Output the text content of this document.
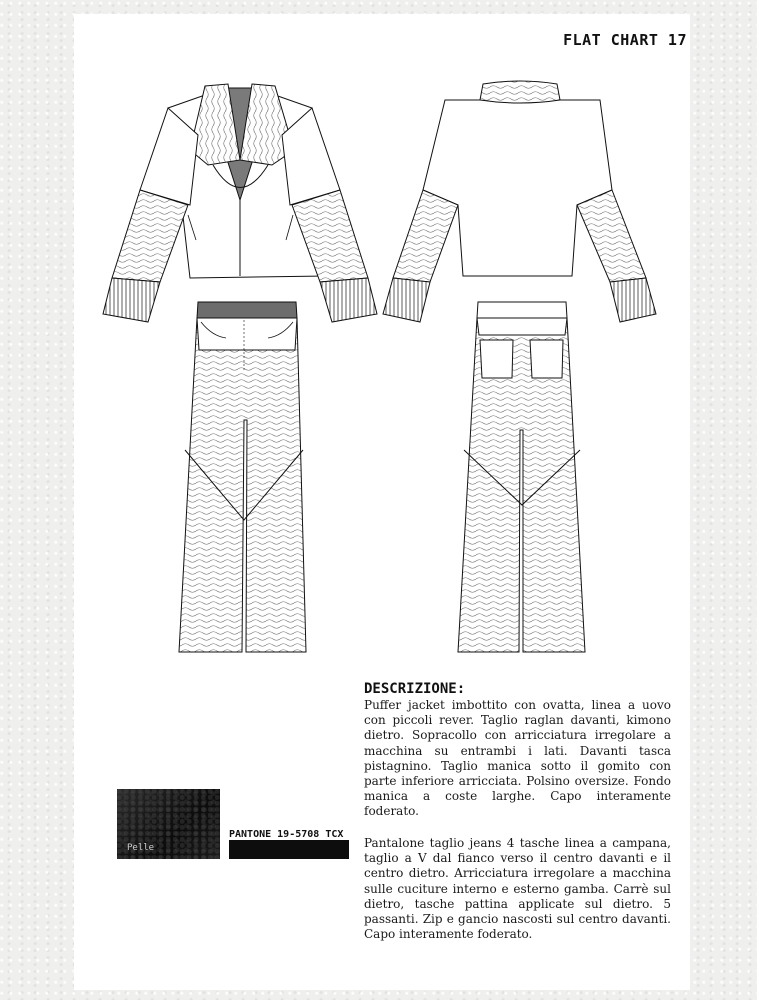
FLAT CHART 17
DESCRIZIONE:

Puffer jacket imbottito con ovatta, linea a uovo con piccoli rever. Taglio raglan davanti, kimono dietro. Sopracollo con arricciatura irregolare a macchina su entrambi i lati. Davanti tasca pistagnino. Taglio manica sotto il gomito con parte inferiore arricciata. Polsino oversize. Fondo manica a coste larghe. Capo interamente foderato.

Pantalone taglio jeans 4 tasche linea a campana, taglio a V dal fianco verso il centro davanti e il centro dietro. Arricciatura irregolare a macchina sulle cuciture interno e esterno gamba. Carrè sul dietro, tasche pattina applicate sul dietro. 5 passanti. Zip e gancio nascosti sul centro davanti. Capo interamente foderato.

Pelle
PANTONE 19-5708 TCX
